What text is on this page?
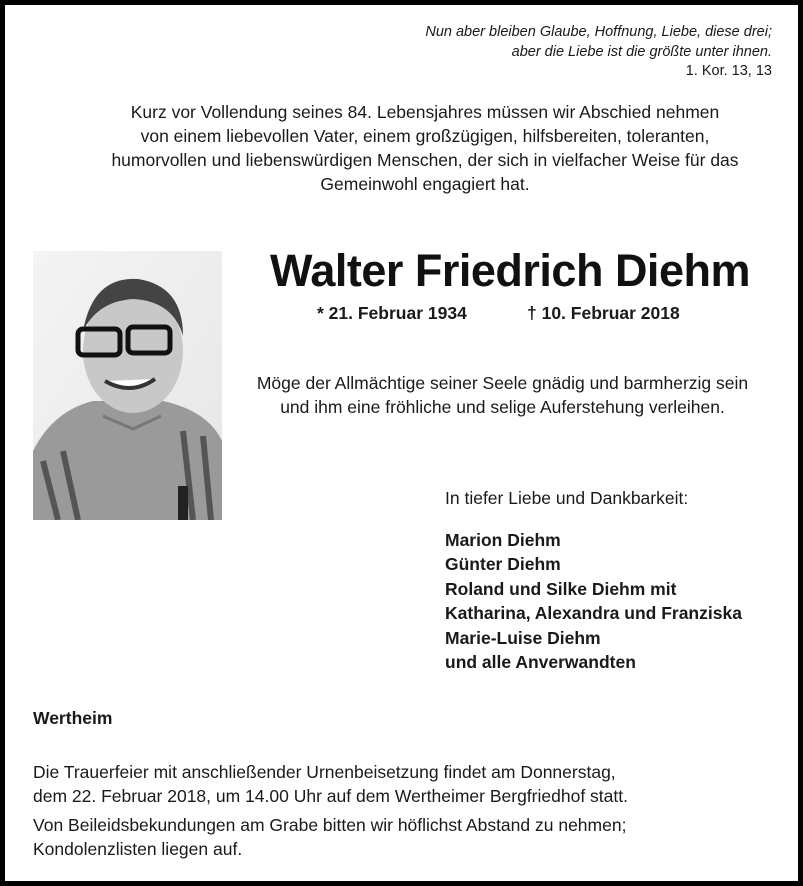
Nun aber bleiben Glaube, Hoffnung, Liebe, diese drei;
aber die Liebe ist die größte unter ihnen.
1. Kor. 13, 13
Kurz vor Vollendung seines 84. Lebensjahres müssen wir Abschied nehmen
von einem liebevollen Vater, einem großzügigen, hilfsbereiten, toleranten,
humorvollen und liebenswürdigen Menschen, der sich in vielfacher Weise für das
Gemeinwohl engagiert hat.
Walter Friedrich Diehm
* 21. Februar 1934	† 10. Februar 2018
Möge der Allmächtige seiner Seele gnädig und barmherzig sein
und ihm eine fröhliche und selige Auferstehung verleihen.
In tiefer Liebe und Dankbarkeit:
Marion Diehm
Günter Diehm
Roland und Silke Diehm mit
Katharina, Alexandra und Franziska
Marie-Luise Diehm
und alle Anverwandten
Wertheim
Die Trauerfeier mit anschließender Urnenbeisetzung findet am Donnerstag,
dem 22. Februar 2018, um 14.00 Uhr auf dem Wertheimer Bergfriedhof statt.
Von Beileidsbekundungen am Grabe bitten wir höflichst Abstand zu nehmen;
Kondolenzlisten liegen auf.
